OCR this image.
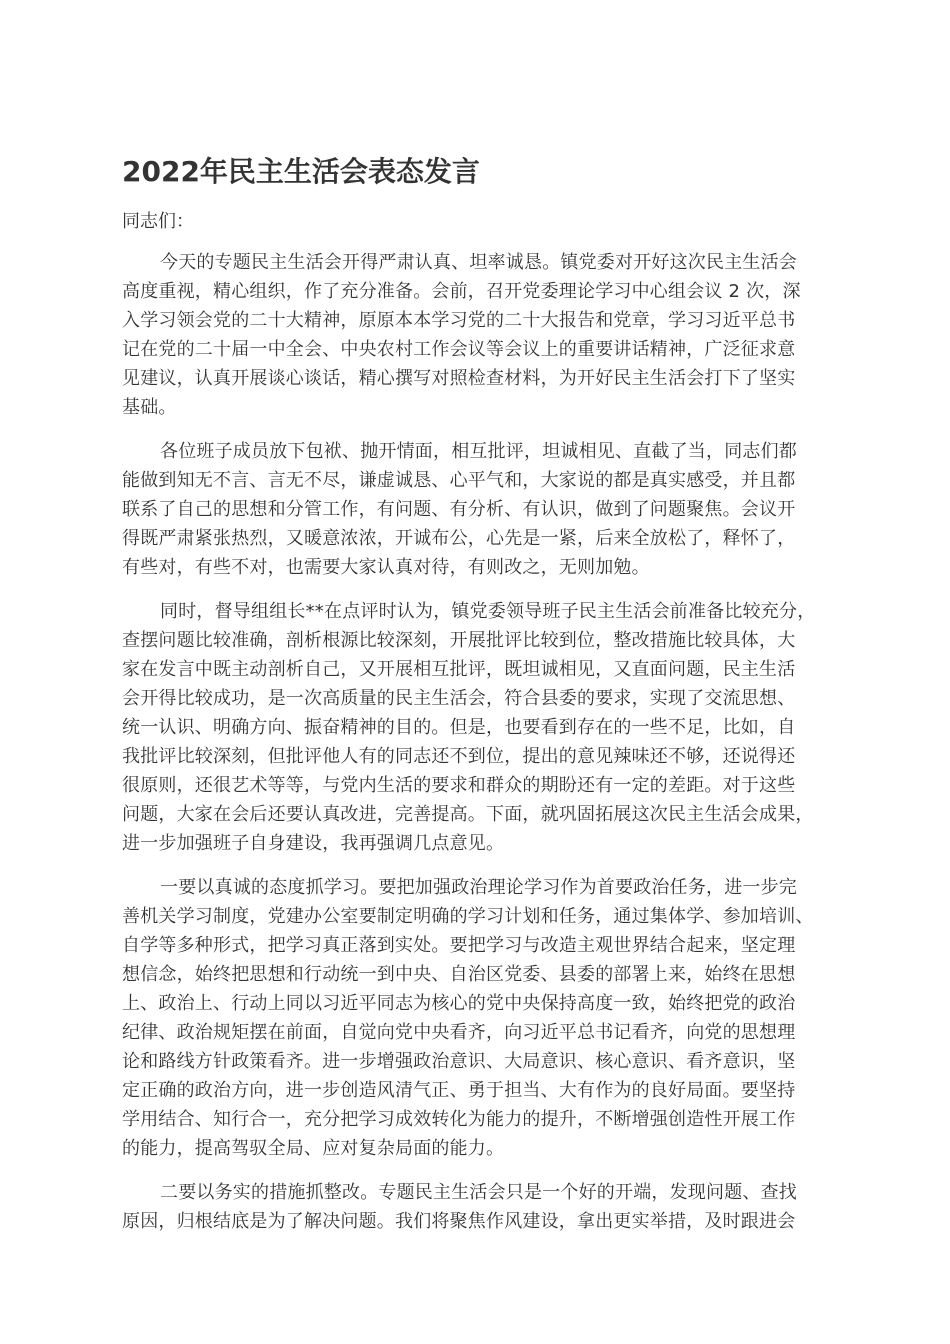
2022年民主生活会表态发言

同志们：

今天的专题民主生活会开得严肃认真、坦率诚恳。镇党委对开好这次民主生活会
高度重视，精心组织，作了充分准备。会前，召开党委理论学习中心组会议 2 次，深
入学习领会党的二十大精神，原原本本学习党的二十大报告和党章，学习习近平总书
记在党的二十届一中全会、中央农村工作会议等会议上的重要讲话精神，广泛征求意
见建议，认真开展谈心谈话，精心撰写对照检查材料，为开好民主生活会打下了坚实
基础。
各位班子成员放下包袱、抛开情面，相互批评，坦诚相见、直截了当，同志们都
能做到知无不言、言无不尽，谦虚诚恳、心平气和，大家说的都是真实感受，并且都
联系了自己的思想和分管工作，有问题、有分析、有认识，做到了问题聚焦。会议开
得既严肃紧张热烈，又暖意浓浓，开诚布公，心先是一紧，后来全放松了，释怀了，
有些对，有些不对，也需要大家认真对待，有则改之，无则加勉。
同时，督导组组长**在点评时认为，镇党委领导班子民主生活会前准备比较充分，
查摆问题比较准确，剖析根源比较深刻，开展批评比较到位，整改措施比较具体，大
家在发言中既主动剖析自己，又开展相互批评，既坦诚相见，又直面问题，民主生活
会开得比较成功，是一次高质量的民主生活会，符合县委的要求，实现了交流思想、
统一认识、明确方向、振奋精神的目的。但是，也要看到存在的一些不足，比如，自
我批评比较深刻，但批评他人有的同志还不到位，提出的意见辣味还不够，还说得还
很原则，还很艺术等等，与党内生活的要求和群众的期盼还有一定的差距。对于这些
问题，大家在会后还要认真改进，完善提高。下面，就巩固拓展这次民主生活会成果，
进一步加强班子自身建设，我再强调几点意见。
一要以真诚的态度抓学习。要把加强政治理论学习作为首要政治任务，进一步完
善机关学习制度，党建办公室要制定明确的学习计划和任务，通过集体学、参加培训、
自学等多种形式，把学习真正落到实处。要把学习与改造主观世界结合起来，坚定理
想信念，始终把思想和行动统一到中央、自治区党委、县委的部署上来，始终在思想
上、政治上、行动上同以习近平同志为核心的党中央保持高度一致，始终把党的政治
纪律、政治规矩摆在前面，自觉向党中央看齐，向习近平总书记看齐，向党的思想理
论和路线方针政策看齐。进一步增强政治意识、大局意识、核心意识、看齐意识，坚
定正确的政治方向，进一步创造风清气正、勇于担当、大有作为的良好局面。要坚持
学用结合、知行合一，充分把学习成效转化为能力的提升，不断增强创造性开展工作
的能力，提高驾驭全局、应对复杂局面的能力。
二要以务实的措施抓整改。专题民主生活会只是一个好的开端，发现问题、查找
原因，归根结底是为了解决问题。我们将聚焦作风建设，拿出更实举措，及时跟进会
